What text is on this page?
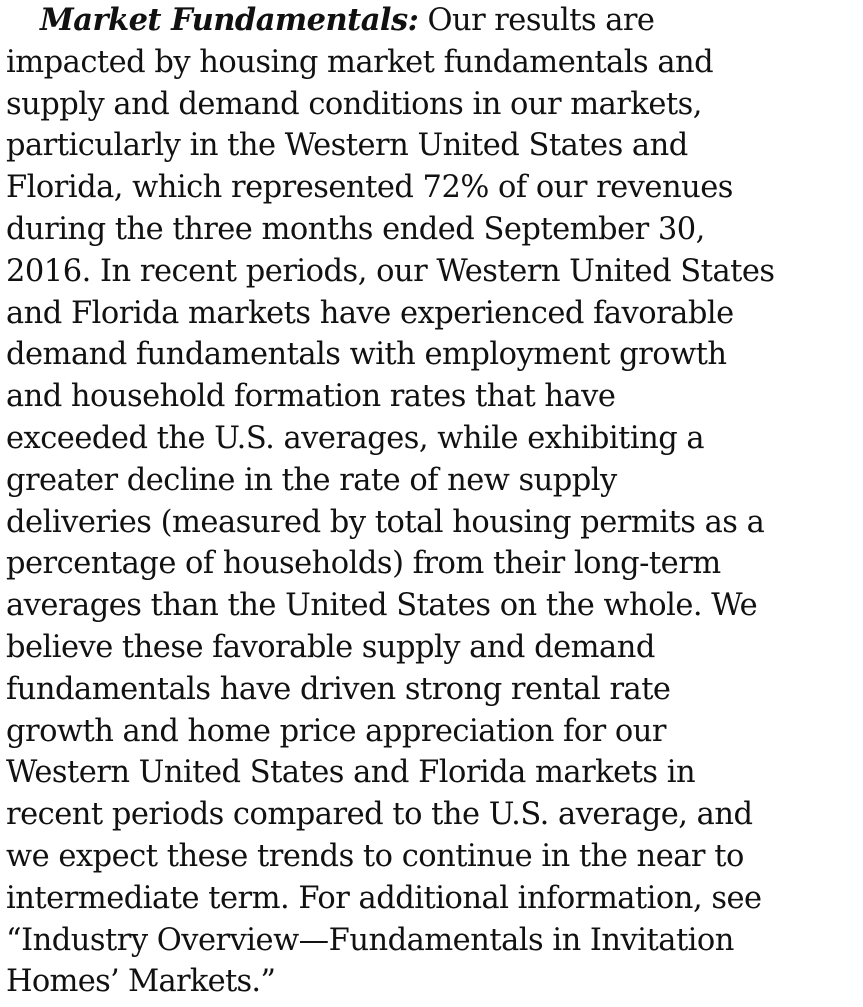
Market Fundamentals: Our results are
impacted by housing market fundamentals and
supply and demand conditions in our markets,
particularly in the Western United States and
Florida, which represented 72% of our revenues
during the three months ended September 30,
2016. In recent periods, our Western United States
and Florida markets have experienced favorable
demand fundamentals with employment growth
and household formation rates that have
exceeded the U.S. averages, while exhibiting a
greater decline in the rate of new supply
deliveries (measured by total housing permits as a
percentage of households) from their long-term
averages than the United States on the whole. We
believe these favorable supply and demand
fundamentals have driven strong rental rate
growth and home price appreciation for our
Western United States and Florida markets in
recent periods compared to the U.S. average, and
we expect these trends to continue in the near to
intermediate term. For additional information, see
“Industry Overview—Fundamentals in Invitation
Homes’ Markets.”
